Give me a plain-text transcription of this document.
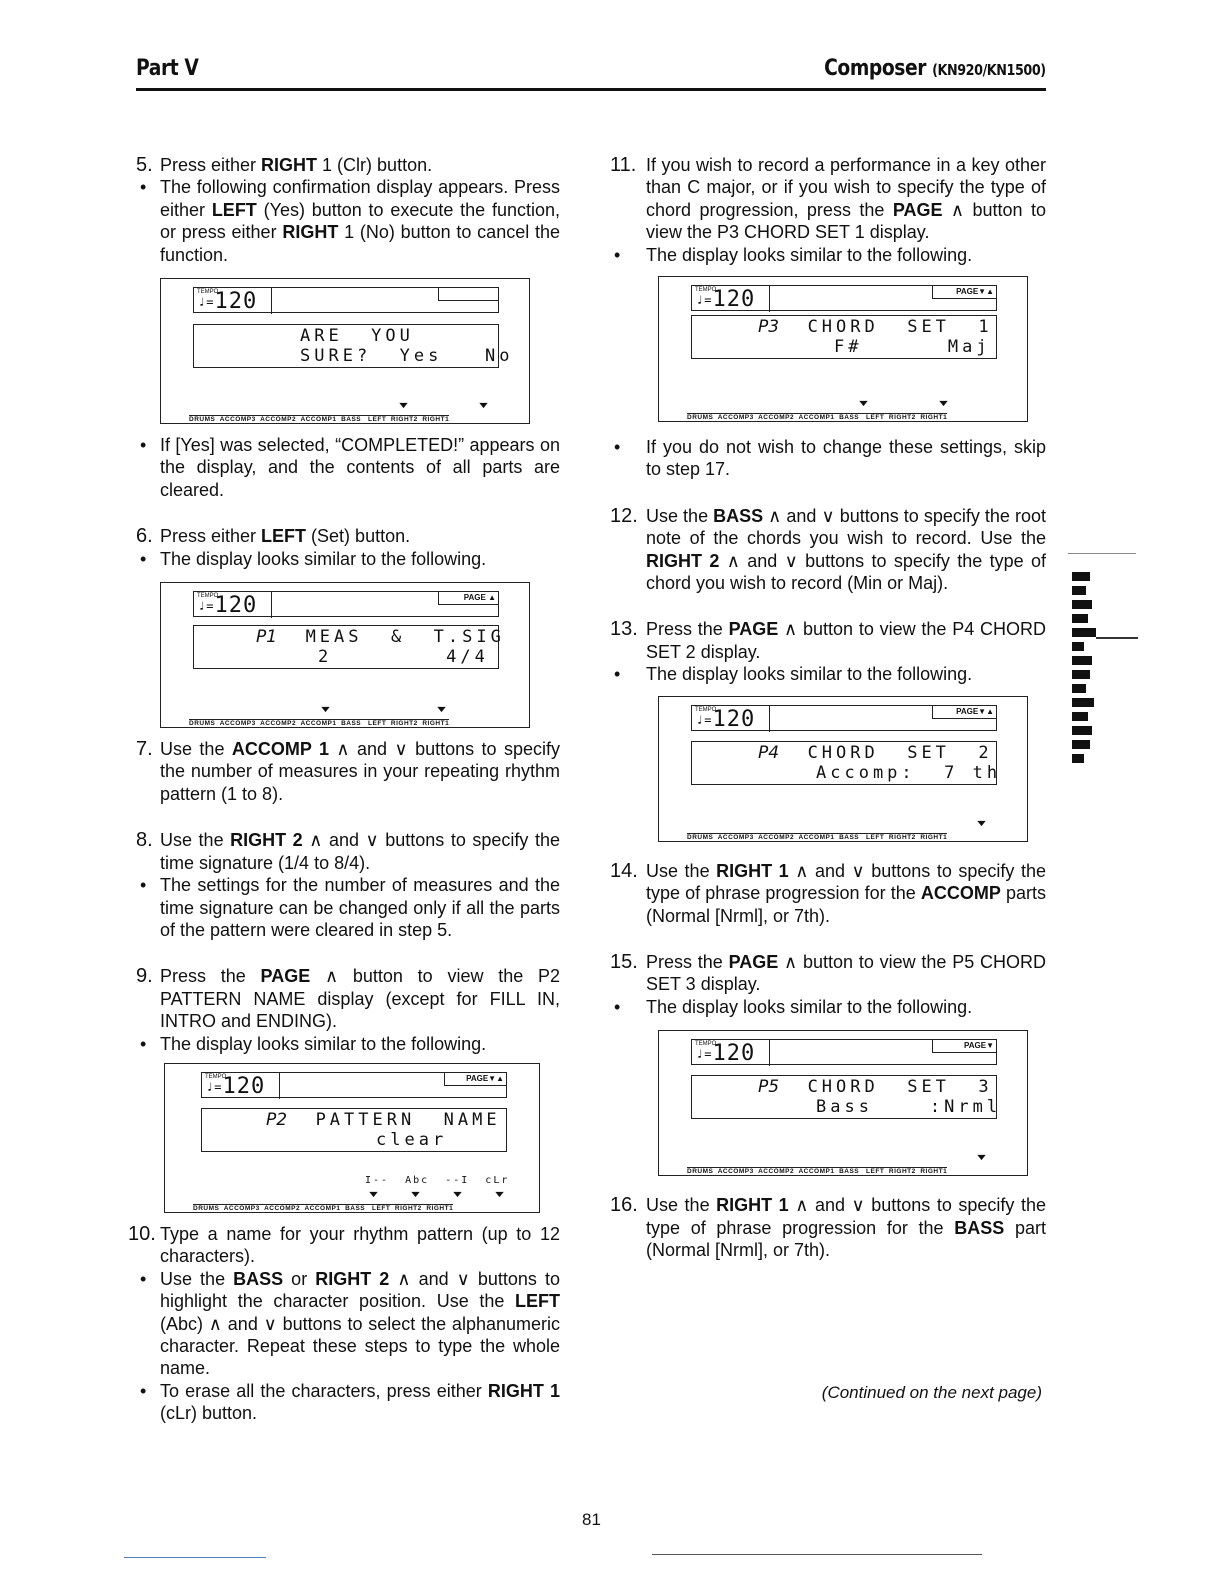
Part V	Composer (KN920/KN1500)
5. Press either RIGHT 1 (Clr) button.
• The following confirmation display appears. Press either LEFT (Yes) button to execute the function, or press either RIGHT 1 (No) button to cancel the function.
TEMPO
♩=120
ARE  YOU
SURE?  Yes   No
▼	▼
DRUMS  ACCOMP3  ACCOMP2  ACCOMP1  BASS   LEFT  RIGHT2  RIGHT1
• If [Yes] was selected, “COMPLETED!” appears on the display, and the contents of all parts are cleared.
6. Press either LEFT (Set) button.
• The display looks similar to the following.
TEMPO
♩=120	PAGE ▲
P1 MEAS  &  T.SIG
2        4/4
▼	▼
DRUMS  ACCOMP3  ACCOMP2  ACCOMP1  BASS   LEFT  RIGHT2  RIGHT1
7. Use the ACCOMP 1 ∧ and ∨ buttons to specify the number of measures in your repeating rhythm pattern (1 to 8).
8. Use the RIGHT 2 ∧ and ∨ buttons to specify the time signature (1/4 to 8/4).
• The settings for the number of measures and the time signature can be changed only if all the parts of the pattern were cleared in step 5.
9. Press the PAGE ∧ button to view the P2 PATTERN NAME display (except for FILL IN, INTRO and ENDING).
• The display looks similar to the following.
TEMPO
♩=120	PAGE▼▲
P2 PATTERN  NAME
clear
I--  Abc  --I  cLr
▼	▼	▼	▼
DRUMS  ACCOMP3  ACCOMP2  ACCOMP1  BASS   LEFT  RIGHT2  RIGHT1
10. Type a name for your rhythm pattern (up to 12 characters).
• Use the BASS or RIGHT 2 ∧ and ∨ buttons to highlight the character position. Use the LEFT (Abc) ∧ and ∨ buttons to select the alphanumeric character. Repeat these steps to type the whole name.
• To erase all the characters, press either RIGHT 1 (cLr) button.
11. If you wish to record a performance in a key other than C major, or if you wish to specify the type of chord progression, press the PAGE ∧ button to view the P3 CHORD SET 1 display.
• The display looks similar to the following.
TEMPO
♩=120	PAGE▼▲
P3 CHORD  SET  1
F#      Maj
▼	▼
DRUMS  ACCOMP3  ACCOMP2  ACCOMP1  BASS   LEFT  RIGHT2  RIGHT1
• If you do not wish to change these settings, skip to step 17.
12. Use the BASS ∧ and ∨ buttons to specify the root note of the chords you wish to record. Use the RIGHT 2 ∧ and ∨ buttons to specify the type of chord you wish to record (Min or Maj).
13. Press the PAGE ∧ button to view the P4 CHORD SET 2 display.
• The display looks similar to the following.
TEMPO
♩=120	PAGE▼▲
P4 CHORD  SET  2
Accomp:  7 th
▼
DRUMS  ACCOMP3  ACCOMP2  ACCOMP1  BASS   LEFT  RIGHT2  RIGHT1
14. Use the RIGHT 1 ∧ and ∨ buttons to specify the type of phrase progression for the ACCOMP parts (Normal [Nrml], or 7th).
15. Press the PAGE ∧ button to view the P5 CHORD SET 3 display.
• The display looks similar to the following.
TEMPO
♩=120	PAGE▼
P5 CHORD  SET  3
Bass    :Nrml
▼
DRUMS  ACCOMP3  ACCOMP2  ACCOMP1  BASS   LEFT  RIGHT2  RIGHT1
16. Use the RIGHT 1 ∧ and ∨ buttons to specify the type of phrase progression for the BASS part (Normal [Nrml], or 7th).
(Continued on the next page)
81
